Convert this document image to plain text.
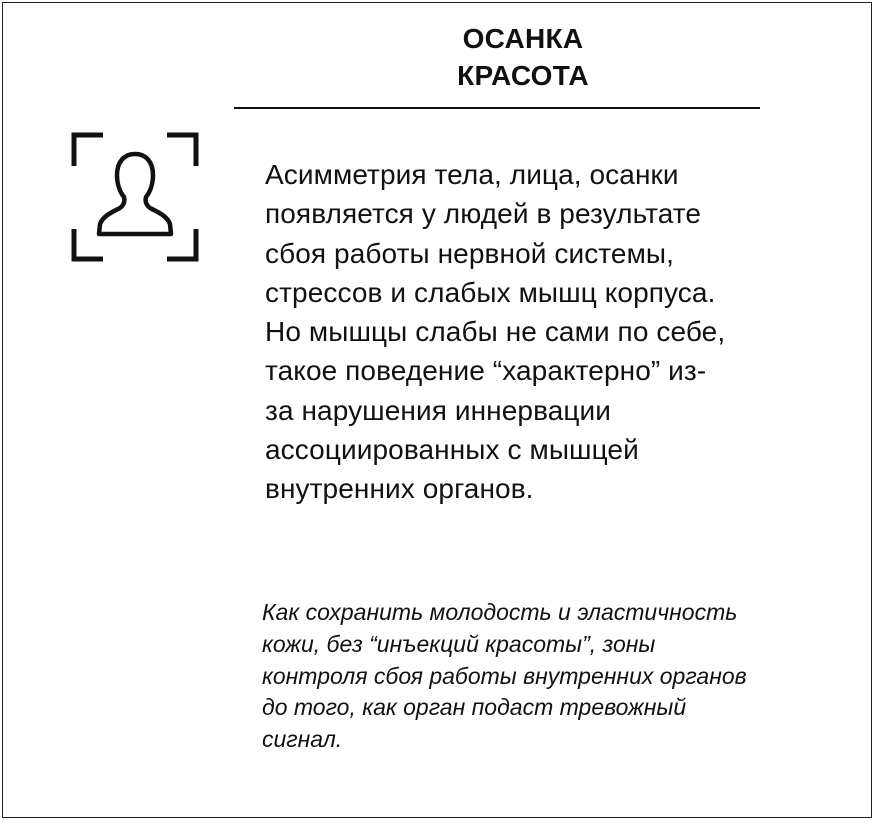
ОСАНКА
КРАСОТА
Асимметрия тела, лица, осанки
появляется у людей в результате
сбоя работы нервной системы,
стрессов и слабых мышц корпуса.
Но мышцы слабы не сами по себе,
такое поведение “характерно” из-
за нарушения иннервации
ассоциированных с мышцей
внутренних органов.
Как сохранить молодость и эластичность
кожи, без “инъекций красоты”, зоны
контроля сбоя работы внутренних органов
до того, как орган подаст тревожный
сигнал.
